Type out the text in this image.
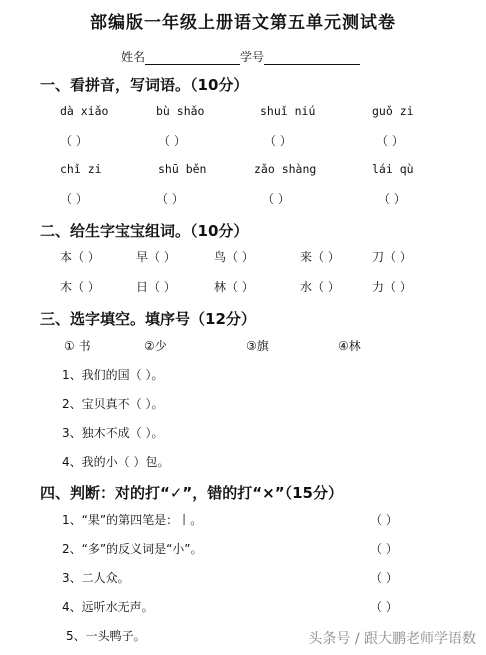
部编版一年级上册语文第五单元测试卷
姓名	学号
一、看拼音，写词语。（10分）
dà xiǎo	bù shǎo	shuǐ niú	guǒ zi
（ ）	（ ）	（ ）	（ ）
chǐ zi	shū běn	zǎo shàng	lái qù
（ ）	（ ）	（ ）	（ ）
二、给生字宝宝组词。（10分）
本（ ）	早（ ）	鸟（ ）	来（ ）	刀（ ）
木（ ）	日（ ）	林（ ）	水（ ）	力（ ）
三、选字填空。填序号（12分）
① 书	②少	③旗	④林
1、我们的国（ ）。
2、宝贝真不（ ）。
3、独木不成（ ）。
4、我的小（ ）包。
四、判断：对的打“✓”，错的打“×”（15分）
1、“果”的第四笔是：丨。	（ ）
2、“多”的反义词是“小”。	（ ）
3、二人众。	（ ）
4、远听水无声。	（ ）
5、一头鸭子。	头条号 / 跟大鹏老师学语数
